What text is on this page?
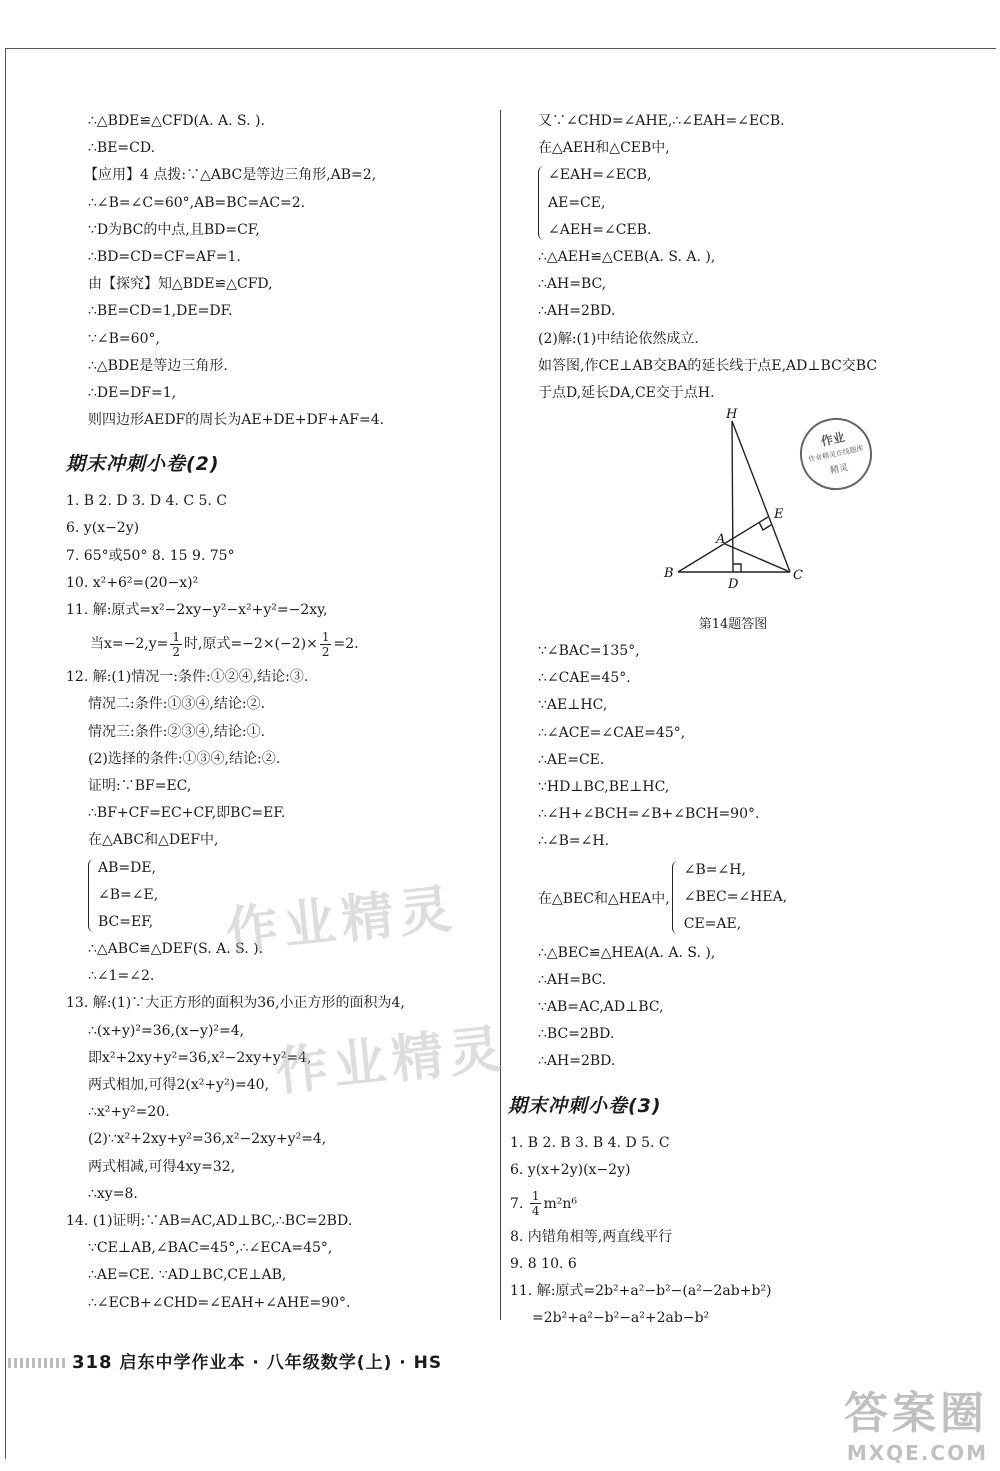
∴△BDE≌△CFD(A. A. S. ).
∴BE=CD.
【应用】4 点拨:∵△ABC是等边三角形,AB=2,
∴∠B=∠C=60°,AB=BC=AC=2.
∵D为BC的中点,且BD=CF,
∴BD=CD=CF=AF=1.
由【探究】知△BDE≌△CFD,
∴BE=CD=1,DE=DF.
∵∠B=60°,
∴△BDE是等边三角形.
∴DE=DF=1,
则四边形AEDF的周长为AE+DE+DF+AF=4.
期末冲刺小卷(2)
1. B 2. D 3. D 4. C 5. C
6. y(x−2y)
7. 65°或50° 8. 15 9. 75°
10. x²+6²=(20−x)²
11. 解:原式=x²−2xy−y²−x²+y²=−2xy,
当$x=-2,y= \frac{1}{2}$ 时,原式$=-2\times(-2)\times \frac{1}{2} =2$.
12. 解:(1)情况一:条件:①②④,结论:③.
情况二:条件:①③④,结论:②.
情况三:条件:②③④,结论:①.
(2)选择的条件:①③④,结论:②.
证明:∵BF=EC,
∴BF+CF=EC+CF,即BC=EF.
在△ABC和△DEF中,
AB=DE,
∠B=∠E,
BC=EF,
∴△ABC≌△DEF(S. A. S. ).
∴∠1=∠2.
13. 解:(1)∵大正方形的面积为36,小正方形的面积为4,
∴(x+y)²=36,(x−y)²=4,
即x²+2xy+y²=36,x²−2xy+y²=4,
两式相加,可得2(x²+y²)=40,
∴x²+y²=20.
(2)∵x²+2xy+y²=36,x²−2xy+y²=4,
两式相减,可得4xy=32,
∴xy=8.
14. (1)证明:∵AB=AC,AD⊥BC,∴BC=2BD.
∵CE⊥AB,∠BAC=45°,∴∠ECA=45°,
∴AE=CE. ∵AD⊥BC,CE⊥AB,
∴∠ECB+∠CHD=∠EAH+∠AHE=90°.
又∵∠CHD=∠AHE,∴∠EAH=∠ECB.
在△AEH和△CEB中,
∠EAH=∠ECB,
AE=CE,
∠AEH=∠CEB.
∴△AEH≌△CEB(A. S. A. ),
∴AH=BC,
∴AH=2BD.
(2)解:(1)中结论依然成立.
如答图,作CE⊥AB交BA的延长线于点E,AD⊥BC交BC
于点D,延长DA,CE交于点H.
H
E
A
B
D
C
第14题答图
∵∠BAC=135°,
∴∠CAE=45°.
∵AE⊥HC,
∴∠ACE=∠CAE=45°,
∴AE=CE.
∵HD⊥BC,BE⊥HC,
∴∠H+∠BCH=∠B+∠BCH=90°.
∴∠B=∠H.
在△BEC和△HEA中,
∠B=∠H,
∠BEC=∠HEA,
CE=AE,
∴△BEC≌△HEA(A. A. S. ),
∴AH=BC.
∵AB=AC,AD⊥BC,
∴BC=2BD.
∴AH=2BD.
期末冲刺小卷(3)
1. B 2. B 3. B 4. D 5. C
6. y(x+2y)(x−2y)
7. $\frac{1}{4} m^2n^6$
8. 内错角相等,两直线平行
9. 8 10. 6
11. 解:原式=2b²+a²−b²−(a²−2ab+b²)
=2b²+a²−b²−a²+2ab−b²
作业
作业精灵在线题库
精灵
作业精灵
作业精灵
答案圈
MXQE.COM
318 启东中学作业本 · 八年级数学(上) · HS
